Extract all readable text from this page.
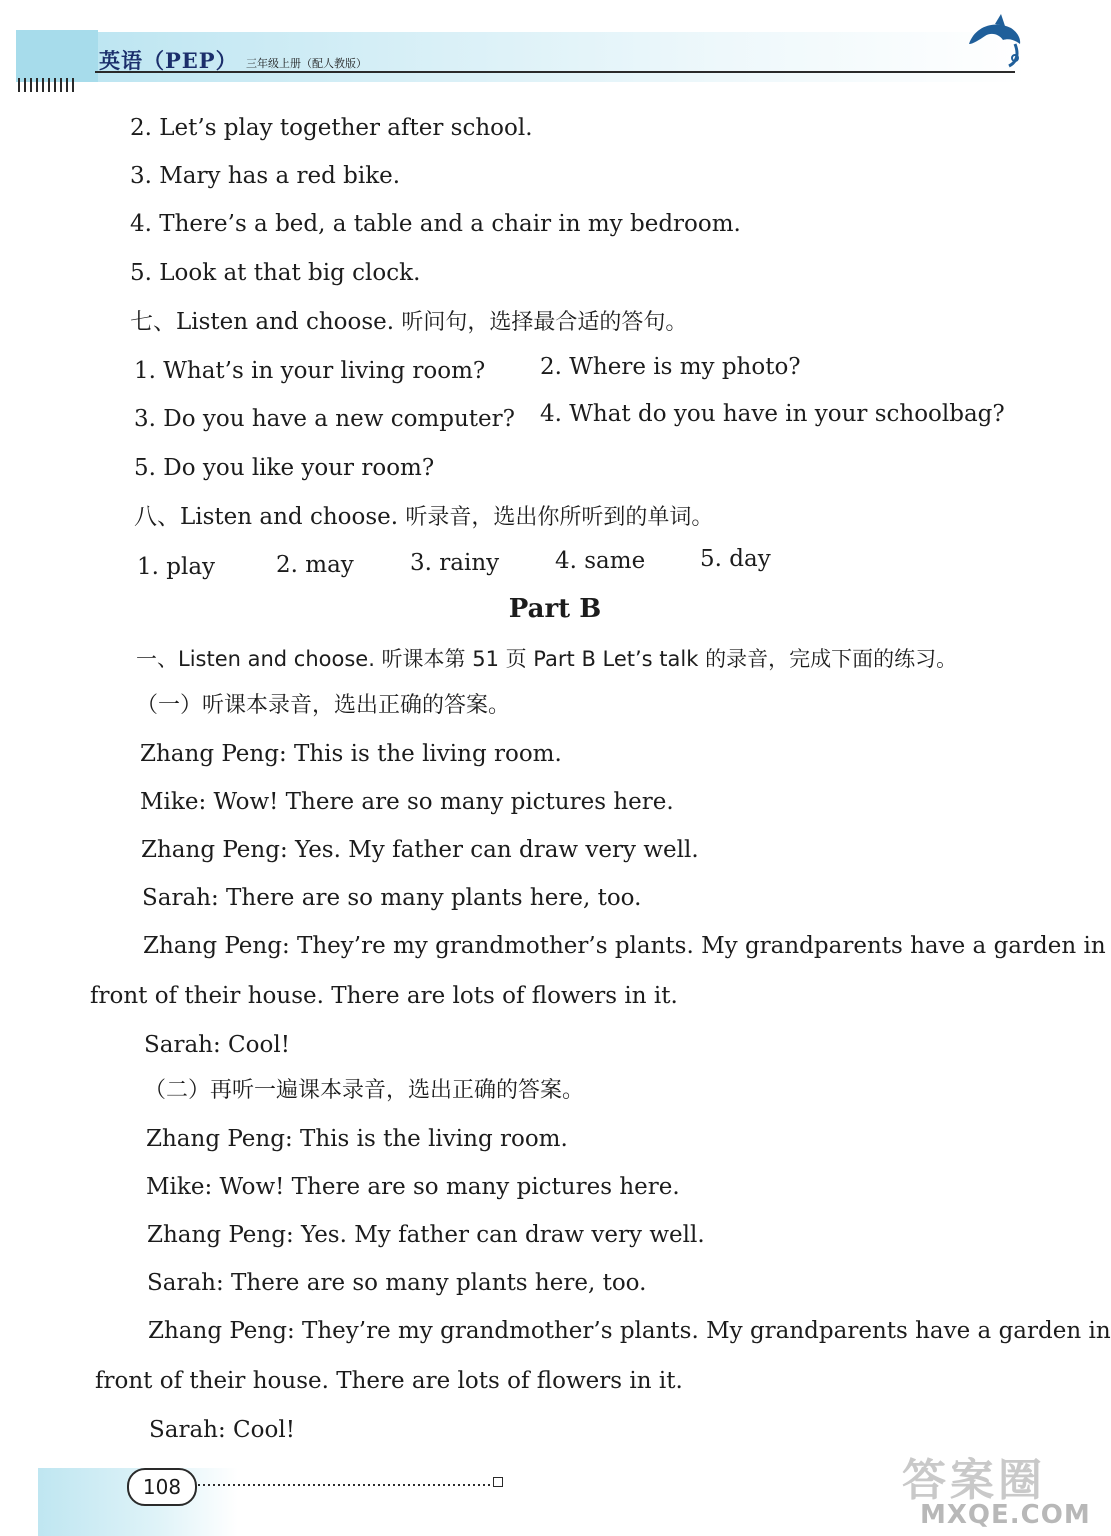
英语（PEP） 三年级上册（配人教版）
2. Let’s play together after school.
3. Mary has a red bike.
4. There’s a bed, a table and a chair in my bedroom.
5. Look at that big clock.
七、Listen and choose. 听问句，选择最合适的答句。
1. What’s in your living room? 2. Where is my photo?
3. Do you have a new computer? 4. What do you have in your schoolbag?
5. Do you like your room?
八、Listen and choose. 听录音，选出你所听到的单词。
1. play	2. may 3. rainy 4. same 5. day
Part B
一、Listen and choose. 听课本第 51 页 Part B Let’s talk 的录音，完成下面的练习。
（一）听课本录音，选出正确的答案。
Zhang Peng: This is the living room.
Mike: Wow! There are so many pictures here.
Zhang Peng: Yes. My father can draw very well.
Sarah: There are so many plants here, too.
Zhang Peng: They’re my grandmother’s plants. My grandparents have a garden in
front of their house. There are lots of flowers in it.
Sarah: Cool!
（二）再听一遍课本录音，选出正确的答案。
Zhang Peng: This is the living room.
Mike: Wow! There are so many pictures here.
Zhang Peng: Yes. My father can draw very well.
Sarah: There are so many plants here, too.
Zhang Peng: They’re my grandmother’s plants. My grandparents have a garden in
front of their house. There are lots of flowers in it.
Sarah: Cool!
108	答案圈
MXQE.COM
